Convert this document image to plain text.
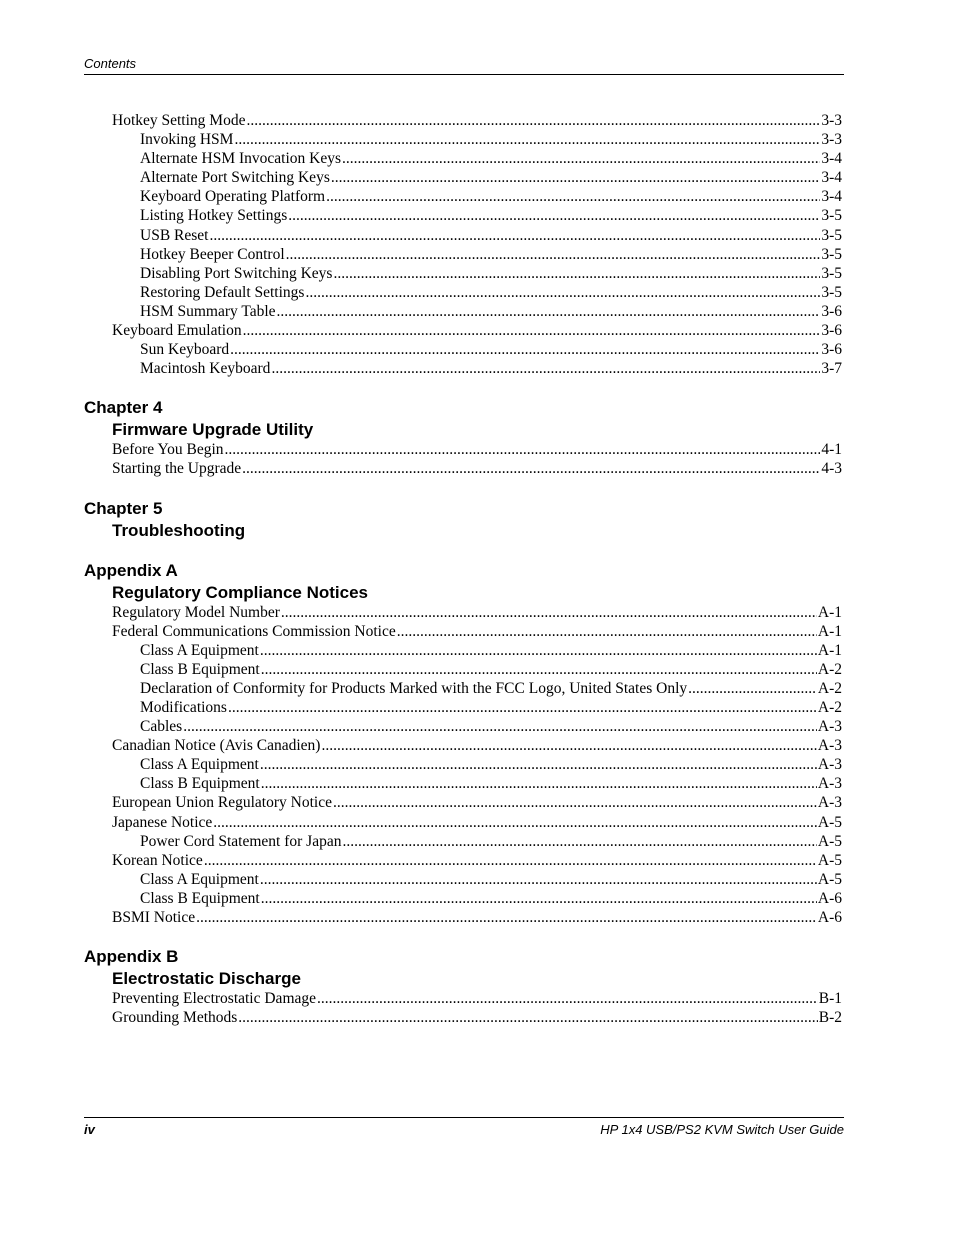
Contents
Hotkey Setting Mode .....	3-3
Invoking HSM .....	3-3
Alternate HSM Invocation Keys .....	3-4
Alternate Port Switching Keys .....	3-4
Keyboard Operating Platform .....	3-4
Listing Hotkey Settings .....	3-5
USB Reset .....	3-5
Hotkey Beeper Control .....	3-5
Disabling Port Switching Keys .....	3-5
Restoring Default Settings .....	3-5
HSM Summary Table .....	3-6
Keyboard Emulation .....	3-6
Sun Keyboard .....	3-6
Macintosh Keyboard .....	3-7
Chapter 4
Firmware Upgrade Utility
Before You Begin .....	4-1
Starting the Upgrade .....	4-3
Chapter 5
Troubleshooting
Appendix A
Regulatory Compliance Notices
Regulatory Model Number .....	A-1
Federal Communications Commission Notice .....	A-1
Class A Equipment .....	A-1
Class B Equipment .....	A-2
Declaration of Conformity for Products Marked with the FCC Logo, United States Only .....	A-2
Modifications .....	A-2
Cables .....	A-3
Canadian Notice (Avis Canadien) .....	A-3
Class A Equipment .....	A-3
Class B Equipment .....	A-3
European Union Regulatory Notice .....	A-3
Japanese Notice .....	A-5
Power Cord Statement for Japan .....	A-5
Korean Notice .....	A-5
Class A Equipment .....	A-5
Class B Equipment .....	A-6
BSMI Notice .....	A-6
Appendix B
Electrostatic Discharge
Preventing Electrostatic Damage .....	B-1
Grounding Methods .....	B-2
iv	HP 1x4 USB/PS2 KVM Switch User Guide
